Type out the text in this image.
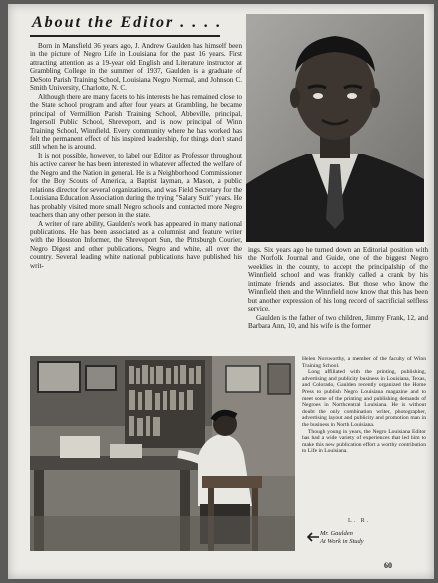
About the Editor . . . .

Born in Mansfield 36 years ago, J. Andrew Gaulden has himself been in the picture of Negro Life in Louisiana for the past 16 years. First attracting attention as a 19-year old English and Literature instructor at Grambling College in the summer of 1937, Gaulden is a graduate of DeSoto Parish Training School, Louisiana Negro Normal, and Johnson C. Smith University, Charlotte, N. C.

Although there are many facets to his interests he has remained close to the State school program and after four years at Grambling, he became principal of Vermillion Parish Training School, Abbeville, principal, Ingersoll Public School, Shreveport, and is now principal of Winn Training School, Winnfield. Every community where he has worked has felt the permanent effect of his inspired leadership, for things don't stand still when he is around.

It is not possible, however, to label our Editor as Professor throughout his active career he has been interested in whatever affected the welfare of the Negro and the Nation in general. He is a Neighborhood Commissioner for the Boy Scouts of America, a Baptist layman, a Mason, a public relations director for several organizations, and was Field Secretary for the Louisiana Education Association during the trying "Salary Suit" years. He has probably visited more small Negro schools and contacted more Negro teachers than any other person in the state.

A writer of rare ability, Gaulden's work has appeared in many national publications. He has been associated as a columnist and feature writer with the Houston Informer, the Shreveport Sun, the Pittsburgh Courier, Negro Digest and other publications, Negro and white, all over the country. Several leading white national publications have published his writ-

ings. Six years ago he turned down an Editorial position with the Norfolk Journal and Guide, one of the biggest Negro weeklies in the county, to accept the principalship of the Winnfield school and was frankly called a crank by his intimate friends and associates. But those who know the Winnfield then and the Winnfield now know that this has been but another expression of his long record of sacrificial selfless service.

Gaulden is the father of two children, Jimmy Frank, 12, and Barbara Ann, 10, and his wife is the former

Helen Norsworthy, a member of the faculty of Winn Training School.

Long affiliated with the printing, publishing, advertising and publicity business in Louisiana, Texas, and Colorado, Gaulden recently organized the Home Press to publish Negro Louisiana magazine and to meet some of the printing and publishing demands of Negroes in Northcentral Louisiana. He is without doubt the only combination writer, photographer, advertising layout and publicity and promotion man in the business in North Louisiana.

Though young in years, the Negro Louisiana Editor has had a wide variety of experiences that led him to make this new publication effort a worthy contribution to Life in Louisiana.

L. R.
Mr. Gaulden
At Work in Study
60
